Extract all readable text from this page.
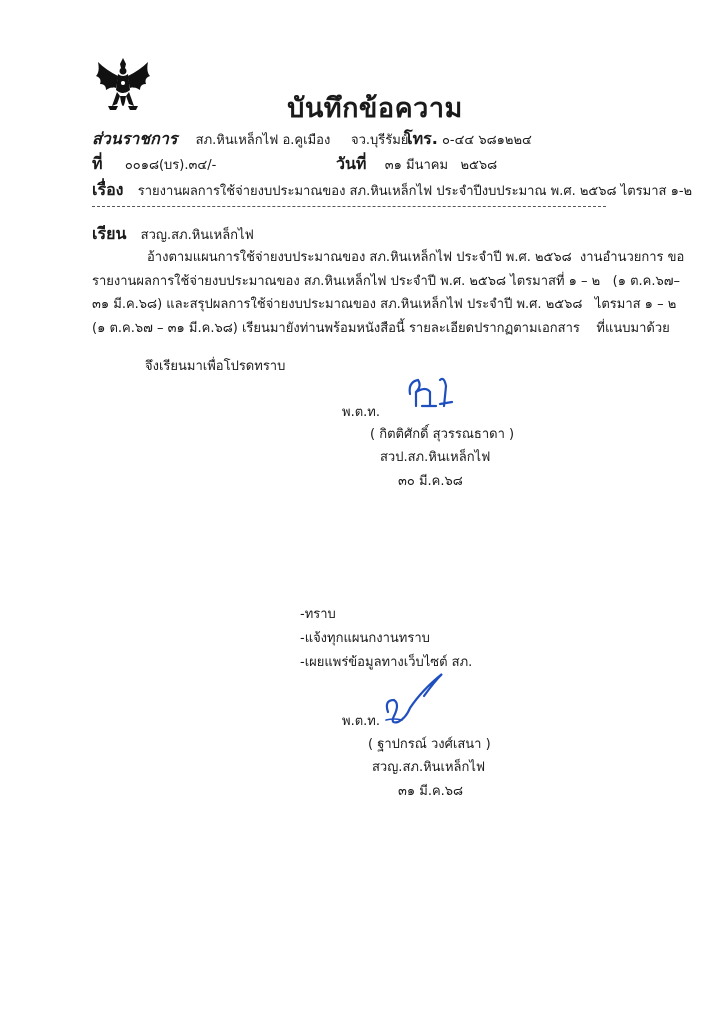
บันทึกข้อความ
ส่วนราชการ สภ.หินเหล็กไฟ อ.คูเมือง     จว.บุรีรัมย์
โทร. ๐-๔๔ ๖๘๑๒๒๔
ที่ ๐๐๑๘(บร).๓๔/-	วันที่ ๓๑ มีนาคม   ๒๕๖๘
เรื่อง รายงานผลการใช้จ่ายงบประมาณของ สภ.หินเหล็กไฟ ประจำปีงบประมาณ พ.ศ. ๒๕๖๘ ไตรมาส ๑-๒
เรียน สวญ.สภ.หินเหล็กไฟ

อ้างตามแผนการใช้จ่ายงบประมาณของ สภ.หินเหล็กไฟ ประจำปี พ.ศ. ๒๕๖๘  งานอำนวยการ ขอ

รายงานผลการใช้จ่ายงบประมาณของ สภ.หินเหล็กไฟ ประจำปี พ.ศ. ๒๕๖๘ ไตรมาสที่ ๑ – ๒   (๑ ต.ค.๖๗–

๓๑ มี.ค.๖๘) และสรุปผลการใช้จ่ายงบประมาณของ สภ.หินเหล็กไฟ ประจำปี พ.ศ. ๒๕๖๘   ไตรมาส ๑ – ๒

(๑ ต.ค.๖๗ – ๓๑ มี.ค.๖๘) เรียนมายังท่านพร้อมหนังสือนี้ รายละเอียดปรากฏตามเอกสาร    ที่แนบมาด้วย

จึงเรียนมาเพื่อโปรดทราบ
พ.ต.ท.
( กิตติศักดิ์ สุวรรณธาดา )
สวป.สภ.หินเหล็กไฟ
๓๐ มี.ค.๖๘
-ทราบ
-แจ้งทุกแผนกงานทราบ
-เผยแพร่ข้อมูลทางเว็บไซต์ สภ.
พ.ต.ท.
( ฐาปกรณ์ วงศ์เสนา )
สวญ.สภ.หินเหล็กไฟ
๓๑ มี.ค.๖๘
